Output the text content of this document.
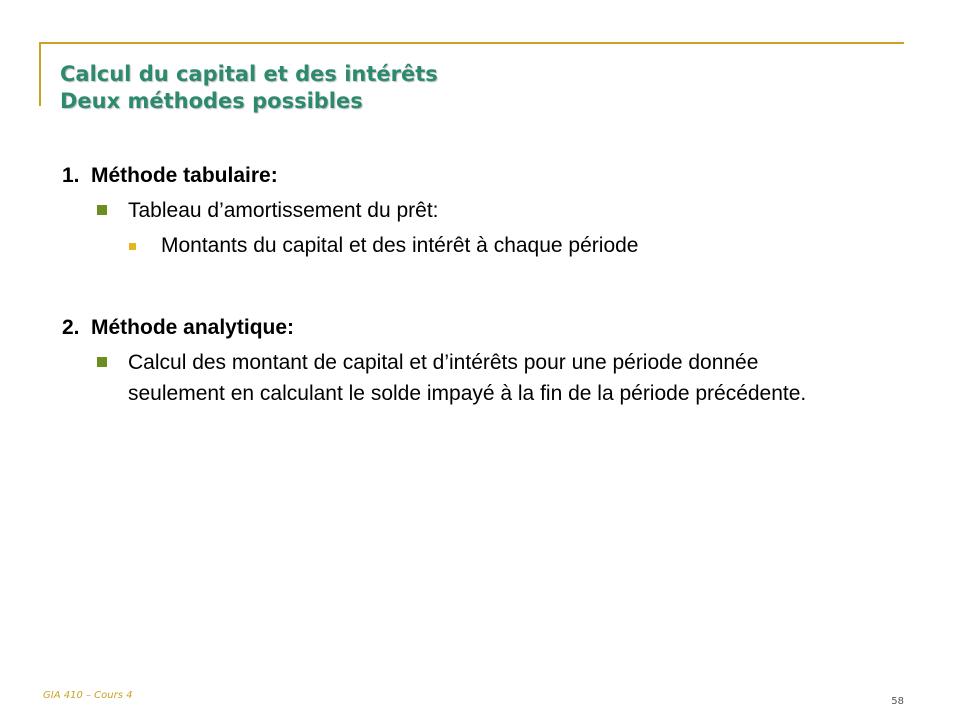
Calcul du capital et des intérêts
Deux méthodes possibles
1. Méthode tabulaire:
Tableau d’amortissement du prêt:
Montants du capital et des intérêt à chaque période
2. Méthode analytique:
Calcul des montant de capital et d’intérêts pour une période donnée seulement en calculant le solde impayé à la fin de la période précédente.
GIA 410 – Cours 4
58
